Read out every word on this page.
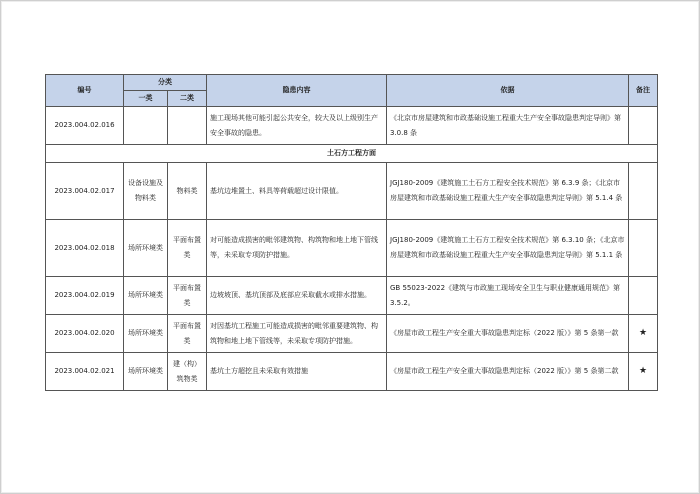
编号	分类		隐患内容	依据	备注
	一类	二类			
2023.004.02.016			施工现场其他可能引起公共安全，较大及以上级别生产安全事故的隐患。	《北京市房屋建筑和市政基础设施工程重大生产安全事故隐患判定导则》第 3.0.8 条	
土石方工程方面					
2023.004.02.017	设备设施及物料类	物料类	基坑边堆置土、料具等荷载超过设计限值。	JGJ180-2009《建筑施工土石方工程安全技术规范》第 6.3.9 条；《北京市房屋建筑和市政基础设施工程重大生产安全事故隐患判定导则》第 5.1.4 条	
2023.004.02.018	场所环境类	平面布置类	对可能造成损害的毗邻建筑物、构筑物和地上地下管线等，未采取专项防护措施。	JGJ180-2009《建筑施工土石方工程安全技术规范》第 6.3.10 条；《北京市房屋建筑和市政基础设施工程重大生产安全事故隐患判定导则》第 5.1.1 条	
2023.004.02.019	场所环境类	平面布置类	边坡坡顶、基坑顶部及底部应采取截水或排水措施。	GB 55023-2022《建筑与市政施工现场安全卫生与职业健康通用规范》第 3.5.2。	
2023.004.02.020	场所环境类	平面布置类	对因基坑工程施工可能造成损害的毗邻重要建筑物、构筑物和地上地下管线等，未采取专项防护措施。	《房屋市政工程生产安全重大事故隐患判定标（2022 版）》第 5 条第一款	★
2023.004.02.021	场所环境类	建（构）筑物类	基坑土方超挖且未采取有效措施	《房屋市政工程生产安全重大事故隐患判定标（2022 版）》第 5 条第二款	★
